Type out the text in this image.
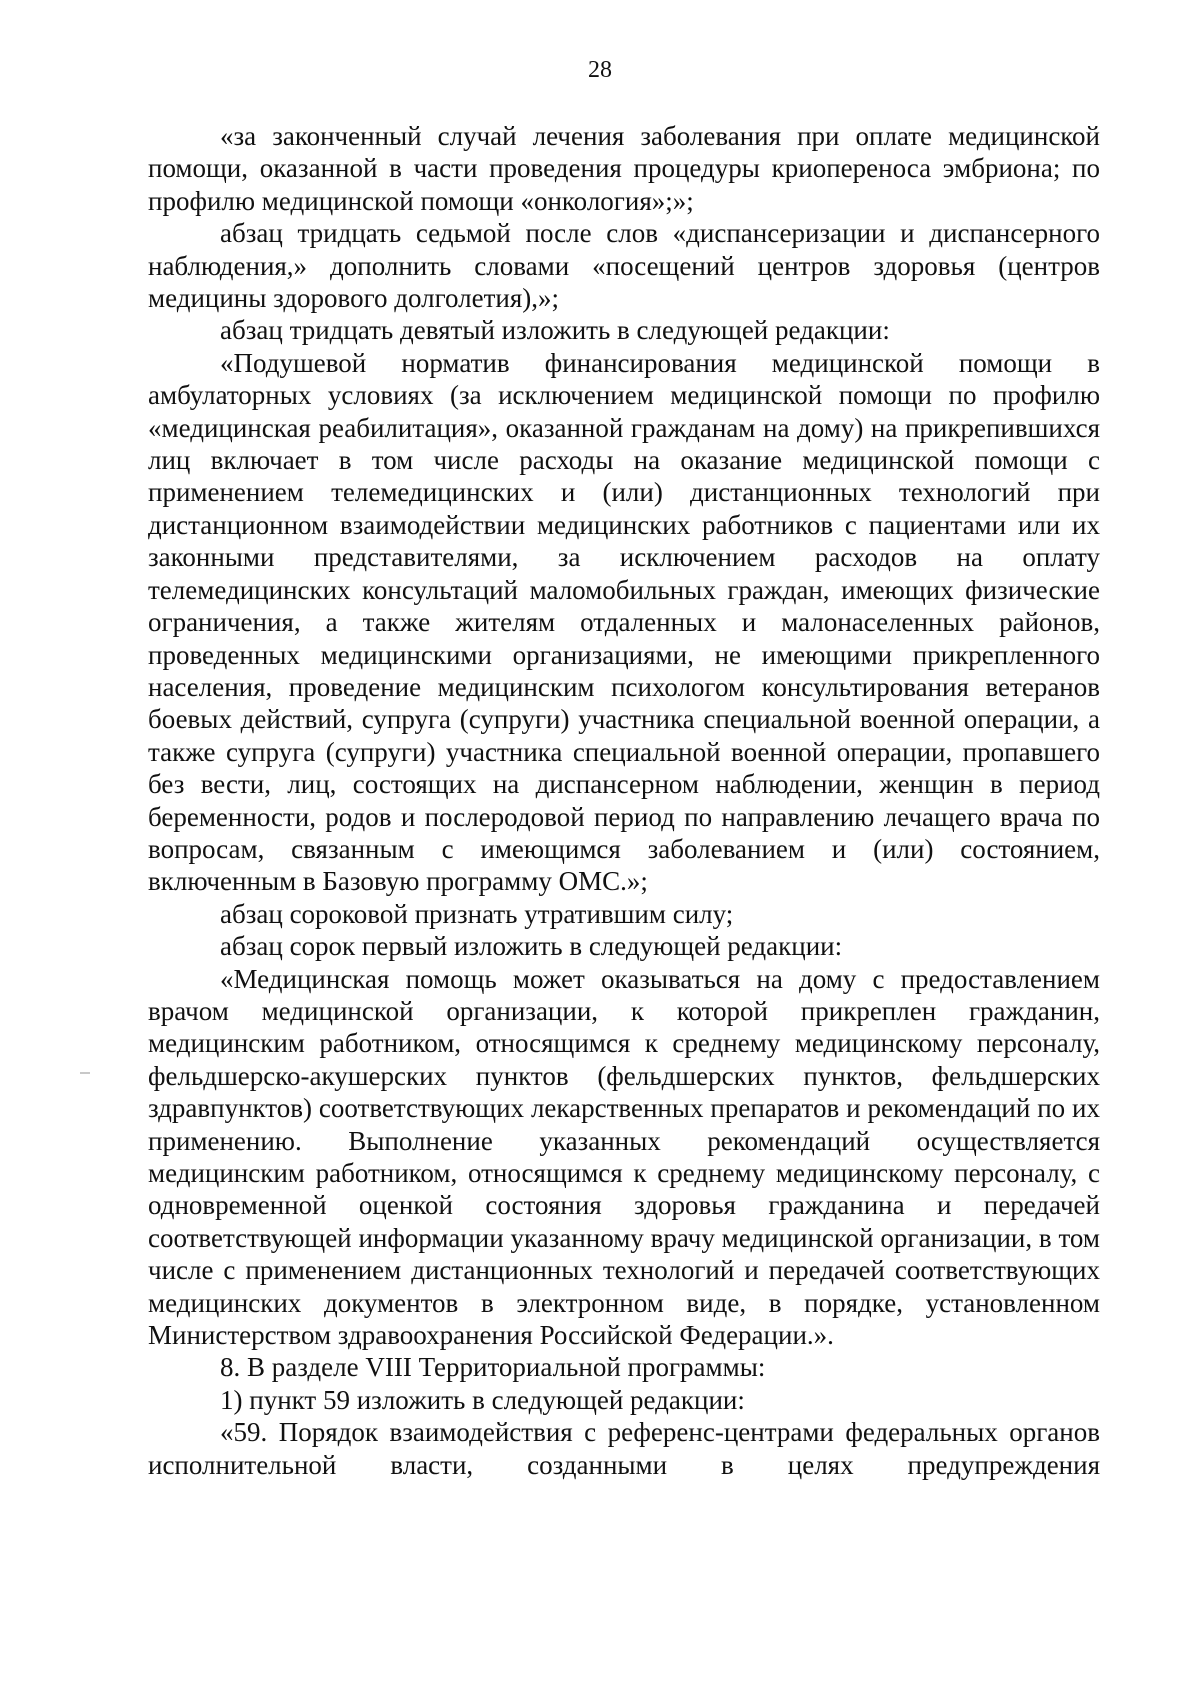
28

«за законченный случай лечения заболевания при оплате медицинской помощи, оказанной в части проведения процедуры криопереноса эмбриона; по профилю медицинской помощи «онкология»;»;

абзац тридцать седьмой после слов «диспансеризации и диспансерного наблюдения,» дополнить словами «посещений центров здоровья (центров медицины здорового долголетия),»;

абзац тридцать девятый изложить в следующей редакции:

«Подушевой норматив финансирования медицинской помощи в амбулаторных условиях (за исключением медицинской помощи по профилю «медицинская реабилитация», оказанной гражданам на дому) на прикрепившихся лиц включает в том числе расходы на оказание медицинской помощи с применением телемедицинских и (или) дистанционных технологий при дистанционном взаимодействии медицинских работников с пациентами или их законными представителями, за исключением расходов на оплату телемедицинских консультаций маломобильных граждан, имеющих физические ограничения, а также жителям отдаленных и малонаселенных районов, проведенных медицинскими организациями, не имеющими прикрепленного населения, проведение медицинским психологом консультирования ветеранов боевых действий, супруга (супруги) участника специальной военной операции, а также супруга (супруги) участника специальной военной операции, пропавшего без вести, лиц, состоящих на диспансерном наблюдении, женщин в период беременности, родов и послеродовой период по направлению лечащего врача по вопросам, связанным с имеющимся заболеванием и (или) состоянием, включенным в Базовую программу ОМС.»;

абзац сороковой признать утратившим силу;

абзац сорок первый изложить в следующей редакции:

«Медицинская помощь может оказываться на дому с предоставлением врачом медицинской организации, к которой прикреплен гражданин, медицинским работником, относящимся к среднему медицинскому персоналу, фельдшерско-акушерских пунктов (фельдшерских пунктов, фельдшерских здравпунктов) соответствующих лекарственных препаратов и рекомендаций по их применению. Выполнение указанных рекомендаций осуществляется медицинским работником, относящимся к среднему медицинскому персоналу, с одновременной оценкой состояния здоровья гражданина и передачей соответствующей информации указанному врачу медицинской организации, в том числе с применением дистанционных технологий и передачей соответствующих медицинских документов в электронном виде, в порядке, установленном Министерством здравоохранения Российской Федерации.».

8. В разделе VIII Территориальной программы:

1) пункт 59 изложить в следующей редакции:

«59. Порядок взаимодействия с референс-центрами федеральных органов исполнительной власти, созданными в целях предупреждения
